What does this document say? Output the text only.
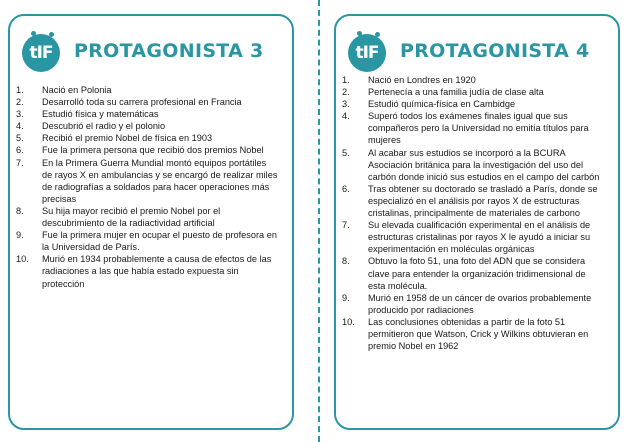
tIF	PROTAGONISTA 3
1.	Nació en Polonia
2.	Desarrolló toda su carrera profesional en Francia
3.	Estudió física y matemáticas
4.	Descubrió el radio y el polonio
5.	Recibió el premio Nobel de física en 1903
6.	Fue la primera persona que recibió dos premios Nobel
7.	En la Primera Guerra Mundial montó equipos portátiles de rayos X en ambulancias y se encargó de realizar miles de radiografías a soldados para hacer operaciones más precisas
8.	Su hija mayor recibió el premio Nobel por el descubrimiento de la radiactividad artificial
9.	Fue la primera mujer en ocupar el puesto de profesora en la Universidad de París.
10.	Murió en 1934 probablemente a causa de efectos de las radiaciones a las que había estado expuesta sin protección
tIF	PROTAGONISTA 4
1.	Nació en Londres en 1920
2.	Pertenecía a una familia judía de clase alta
3.	Estudió química-física en Cambidge
4.	Superó todos los exámenes finales igual que sus compañeros pero la Universidad no emitía títulos para mujeres
5.	Al acabar sus estudios se incorporó a la BCURA Asociación británica para la investigación del uso del carbón donde inició sus estudios en el campo del carbón
6.	Tras obtener su doctorado se trasladó a París, donde se especializó en el análisis por rayos X de estructuras cristalinas, principalmente de materiales de carbono
7.	Su elevada cualificación experimental en el análisis de estructuras cristalinas por rayos X le ayudó a iniciar su experimentación en moléculas orgánicas
8.	Obtuvo la foto 51, una foto del ADN que se considera clave para entender la organización tridimensional de esta molécula.
9.	Murió en 1958 de un cáncer de ovarios probablemente producido por radiaciones
10.	Las conclusiones obtenidas a partir de la foto 51 permitieron que Watson, Crick y Wilkins obtuvieran en premio Nobel en 1962
